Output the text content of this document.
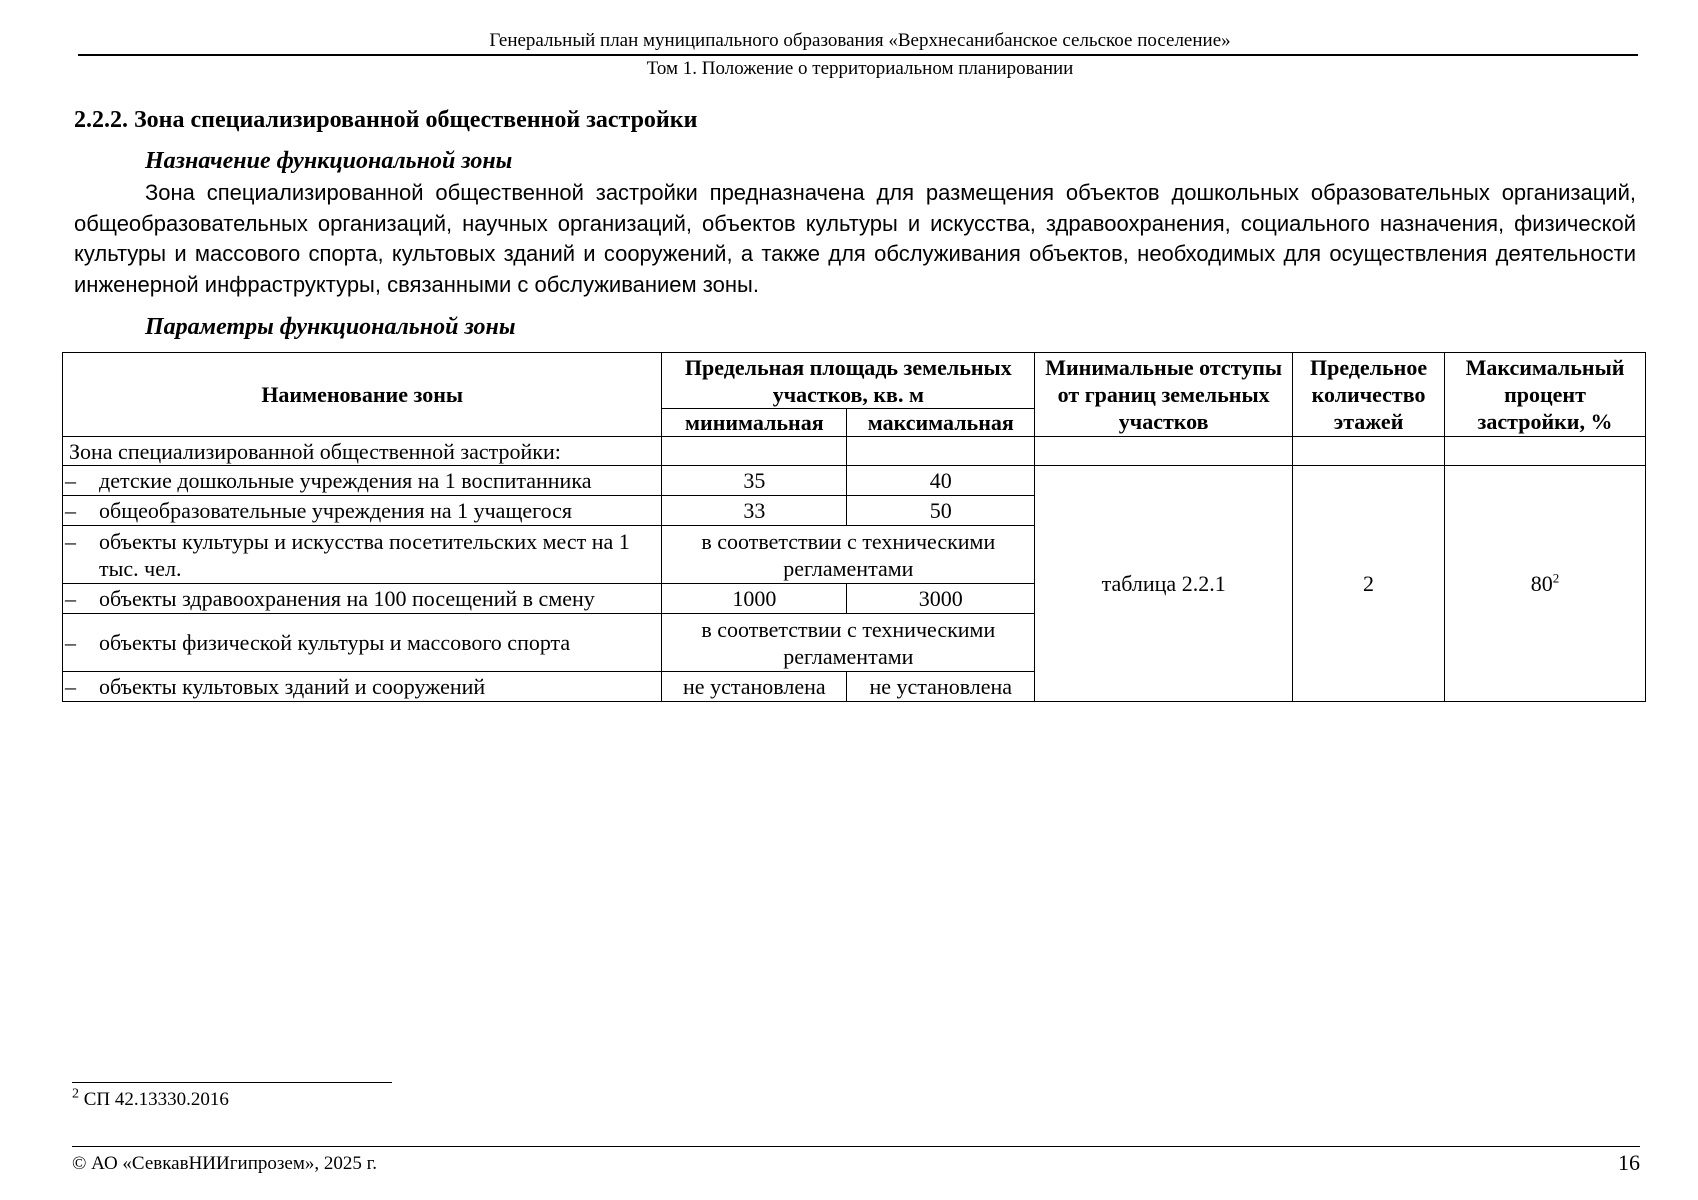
Генеральный план муниципального образования «Верхнесанибанское сельское поселение»
Том 1. Положение о территориальном планировании
2.2.2. Зона специализированной общественной застройки
Назначение функциональной зоны

Зона специализированной общественной застройки предназначена для размещения объектов дошкольных образовательных организаций, общеобразовательных организаций, научных организаций, объектов культуры и искусства, здравоохранения, социального назначения, физической культуры и массового спорта, культовых зданий и сооружений, а также для обслуживания объектов, необходимых для осуществления деятельности инженерной инфраструктуры, связанными с обслуживанием зоны.

Параметры функциональной зоны
Наименование зоны	Предельная площадь земельных участков, кв. м		Минимальные отступы от границ земельных участков	Предельное количество этажей	Максимальный процент застройки, %
	минимальная	максимальная			
Зона специализированной общественной застройки:					

– детские дошкольные учреждения на 1 воспитанника	35	40	таблица 2.2.1	2	$80^2$

– общеобразовательные учреждения на 1 учащегося	33	50			

– объекты культуры и искусства посетительских мест на 1 тыс. чел.	в соответствии с техническими регламентами				

– объекты здравоохранения на 100 посещений в смену	1000	3000			

– объекты физической культуры и массового спорта	в соответствии с техническими регламентами				

– объекты культовых зданий и сооружений	не установлена	не установлена			
$^2$ СП 42.13330.2016
© АО «СевкавНИИгипрозем», 2025 г.	16
